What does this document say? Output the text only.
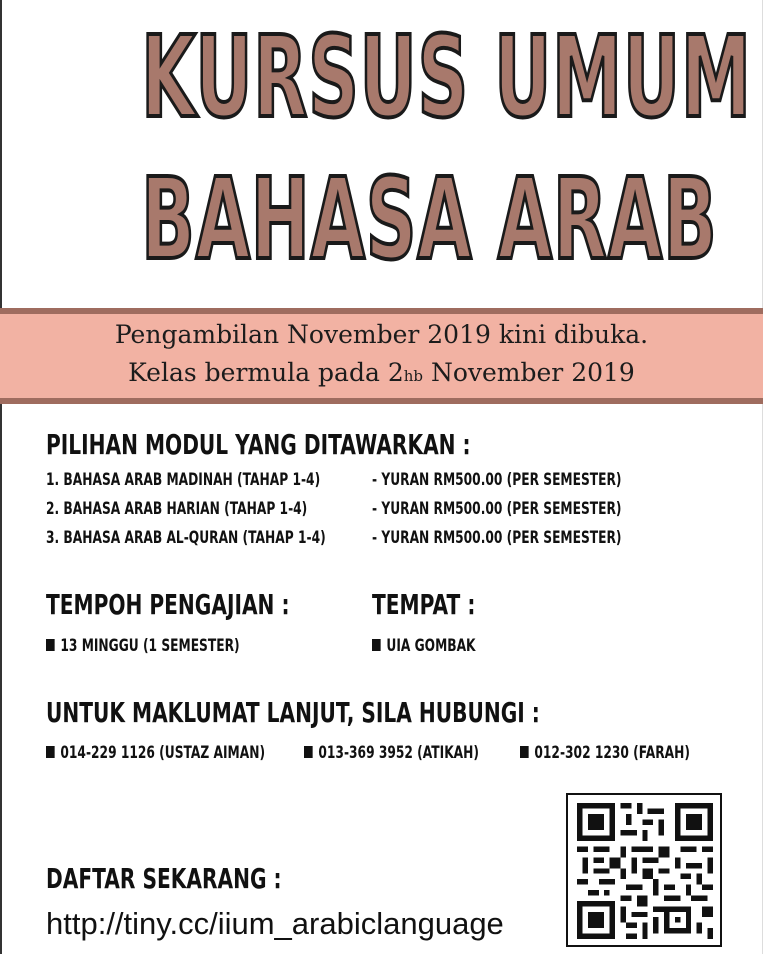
KURSUS UMUM
BAHASA ARAB
Pengambilan November 2019 kini dibuka.
Kelas bermula pada 2hb November 2019
PILIHAN MODUL YANG DITAWARKAN :
1. BAHASA ARAB MADINAH (TAHAP 1-4)	- YURAN RM500.00 (PER SEMESTER)
2. BAHASA ARAB HARIAN (TAHAP 1-4)	- YURAN RM500.00 (PER SEMESTER)
3. BAHASA ARAB AL-QURAN (TAHAP 1-4)	- YURAN RM500.00 (PER SEMESTER)
TEMPOH PENGAJIAN :	TEMPAT :
13 MINGGU (1 SEMESTER)	UIA GOMBAK
UNTUK MAKLUMAT LANJUT, SILA HUBUNGI :
014-229 1126 (USTAZ AIMAN)	013-369 3952 (ATIKAH)	012-302 1230 (FARAH)
DAFTAR SEKARANG :
http://tiny.cc/iium_arabiclanguage
